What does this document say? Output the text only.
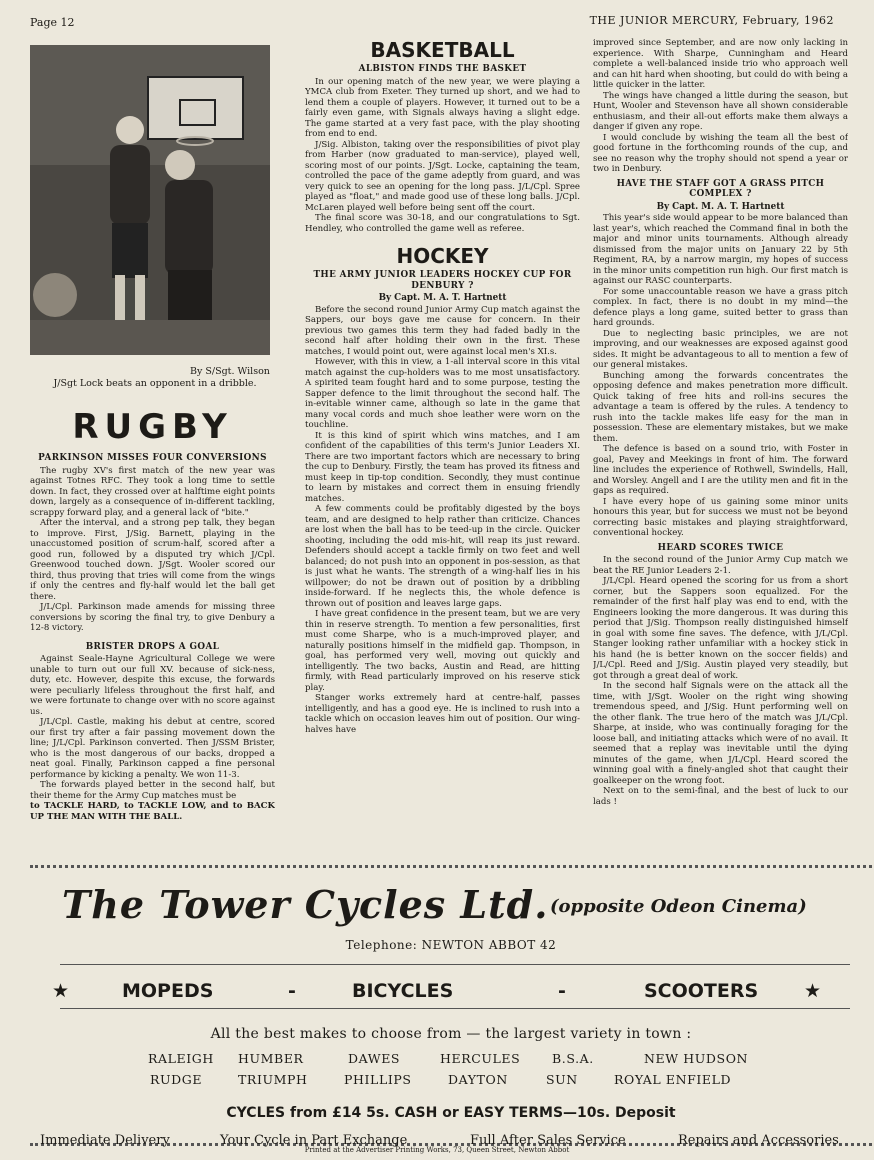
Page 12	THE JUNIOR MERCURY, February, 1962
By S/Sgt. Wilson
J/Sgt Lock beats an opponent in a dribble.
RUGBY
PARKINSON MISSES FOUR CONVERSIONS

The rugby XV's first match of the new year was against Totnes RFC. They took a long time to settle down. In fact, they crossed over at halftime eight points down, largely as a consequence of in-different tackling, scrappy forward play, and a general lack of "bite."

After the interval, and a strong pep talk, they began to improve. First, J/Sig. Barnett, playing in the unaccustomed position of scrum-half, scored after a good run, followed by a disputed try which J/Cpl. Greenwood touched down. J/Sgt. Wooler scored our third, thus proving that tries will come from the wings if only the centres and fly-half would let the ball get there.

J/L/Cpl. Parkinson made amends for missing three conversions by scoring the final try, to give Denbury a 12-8 victory.

BRISTER DROPS A GOAL

Against Seale-Hayne Agricultural College we were unable to turn out our full XV. because of sick-ness, duty, etc. However, despite this excuse, the forwards were peculiarly lifeless throughout the first half, and we were fortunate to change over with no score against us.

J/L/Cpl. Castle, making his debut at centre, scored our first try after a fair passing movement down the line; J/L/Cpl. Parkinson converted. Then J/SSM Brister, who is the most dangerous of our backs, dropped a neat goal. Finally, Parkinson capped a fine personal performance by kicking a penalty. We won 11-3.

The forwards played better in the second half, but their theme for the Army Cup matches must be

to TACKLE HARD, to TACKLE LOW, and to BACK UP THE MAN WITH THE BALL.

BASKETBALL
ALBISTON FINDS THE BASKET

In our opening match of the new year, we were playing a YMCA club from Exeter. They turned up short, and we had to lend them a couple of players. However, it turned out to be a fairly even game, with Signals always having a slight edge. The game started at a very fast pace, with the play shooting from end to end.

J/Sig. Albiston, taking over the responsibilities of pivot play from Harber (now graduated to man-service), played well, scoring most of our points. J/Sgt. Locke, captaining the team, controlled the pace of the game adeptly from guard, and was very quick to see an opening for the long pass. J/L/Cpl. Spree played as "float," and made good use of these long balls. J/Cpl. McLaren played well before being sent off the court.

The final score was 30-18, and our congratulations to Sgt. Hendley, who controlled the game well as referee.

HOCKEY
THE ARMY JUNIOR LEADERS HOCKEY CUP FOR DENBURY ?
By Capt. M. A. T. Hartnett

Before the second round Junior Army Cup match against the Sappers, our boys gave me cause for concern. In their previous two games this term they had faded badly in the second half after holding their own in the first. These matches, I would point out, were against local men's XI.s.

However, with this in view, a 1-all interval score in this vital match against the cup-holders was to me most unsatisfactory. A spirited team fought hard and to some purpose, testing the Sapper defence to the limit throughout the second half. The in-evitable winner came, although so late in the game that many vocal cords and much shoe leather were worn on the touchline.

It is this kind of spirit which wins matches, and I am confident of the capabilities of this term's Junior Leaders XI. There are two important factors which are necessary to bring the cup to Denbury. Firstly, the team has proved its fitness and must keep in tip-top condition. Secondly, they must continue to learn by mistakes and correct them in ensuing friendly matches.

A few comments could be profitably digested by the boys team, and are designed to help rather than criticize. Chances are lost when the ball has to be teed-up in the circle. Quicker shooting, including the odd mis-hit, will reap its just reward. Defenders should accept a tackle firmly on two feet and well balanced; do not push into an opponent in pos-session, as that is just what he wants. The strength of a wing-half lies in his willpower; do not be drawn out of position by a dribbling inside-forward. If he neglects this, the whole defence is thrown out of position and leaves large gaps.

I have great confidence in the present team, but we are very thin in reserve strength. To mention a few personalities, first must come Sharpe, who is a much-improved player, and naturally positions himself in the midfield gap. Thompson, in goal, has performed very well, moving out quickly and intelligently. The two backs, Austin and Read, are hitting firmly, with Read particularly improved on his reserve stick play.

Stanger works extremely hard at centre-half, passes intelligently, and has a good eye. He is inclined to rush into a tackle which on occasion leaves him out of position. Our wing-halves have

improved since September, and are now only lacking in experience. With Sharpe, Cunningham and Heard complete a well-balanced inside trio who approach well and can hit hard when shooting, but could do with being a little quicker in the latter.

The wings have changed a little during the season, but Hunt, Wooler and Stevenson have all shown considerable enthusiasm, and their all-out efforts make them always a danger if given any rope.

I would conclude by wishing the team all the best of good fortune in the forthcoming rounds of the cup, and see no reason why the trophy should not spend a year or two in Denbury.

HAVE THE STAFF GOT A GRASS PITCH COMPLEX ?
By Capt. M. A. T. Hartnett

This year's side would appear to be more balanced than last year's, which reached the Command final in both the major and minor units tournaments. Although already dismissed from the major units on January 22 by 5th Regiment, RA, by a narrow margin, my hopes of success in the minor units competition run high. Our first match is against our RASC counterparts.

For some unaccountable reason we have a grass pitch complex. In fact, there is no doubt in my mind—the defence plays a long game, suited better to grass than hard grounds.

Due to neglecting basic principles, we are not improving, and our weaknesses are exposed against good sides. It might be advantageous to all to mention a few of our general mistakes.

Bunching among the forwards concentrates the opposing defence and makes penetration more difficult. Quick taking of free hits and roll-ins secures the advantage a team is offered by the rules. A tendency to rush into the tackle makes life easy for the man in possession. These are elementary mistakes, but we make them.

The defence is based on a sound trio, with Foster in goal, Pavey and Meekings in front of him. The forward line includes the experience of Rothwell, Swindells, Hall, and Worsley. Angell and I are the utility men and fit in the gaps as required.

I have every hope of us gaining some minor units honours this year, but for success we must not be beyond correcting basic mistakes and playing straightforward, conventional hockey.

HEARD SCORES TWICE

In the second round of the Junior Army Cup match we beat the RE Junior Leaders 2-1.

J/L/Cpl. Heard opened the scoring for us from a short corner, but the Sappers soon equalized. For the remainder of the first half play was end to end, with the Engineers looking the more dangerous. It was during this period that J/Sig. Thompson really distinguished himself in goal with some fine saves. The defence, with J/L/Cpl. Stanger looking rather unfamiliar with a hockey stick in his hand (he is better known on the soccer fields) and J/L/Cpl. Reed and J/Sig. Austin played very steadily, but got through a great deal of work.

In the second half Signals were on the attack all the time, with J/Sgt. Wooler on the right wing showing tremendous speed, and J/Sig. Hunt performing well on the other flank. The true hero of the match was J/L/Cpl. Sharpe, at inside, who was continually foraging for the loose ball, and initiating attacks which were of no avail. It seemed that a replay was inevitable until the dying minutes of the game, when J/L/Cpl. Heard scored the winning goal with a finely-angled shot that caught their goalkeeper on the wrong foot.

Next on to the semi-final, and the best of luck to our lads !

The Tower Cycles Ltd. (opposite Odeon Cinema)
Telephone: NEWTON ABBOT 42
★	MOPEDS	-	BICYCLES	-	SCOOTERS ★
All the best makes to choose from — the largest variety in town :
RALEIGH HUMBER	DAWES	HERCULES	B.S.A.	NEW HUDSON
RUDGE	TRIUMPH	PHILLIPS	DAYTON	SUN	ROYAL ENFIELD
CYCLES from £14 5s. CASH or EASY TERMS—10s. Deposit
Immediate Delivery	Your Cycle in Part Exchange	Full After Sales Service	Repairs and Accessories
Printed at the Advertiser Printing Works, 73, Queen Street, Newton Abbot
